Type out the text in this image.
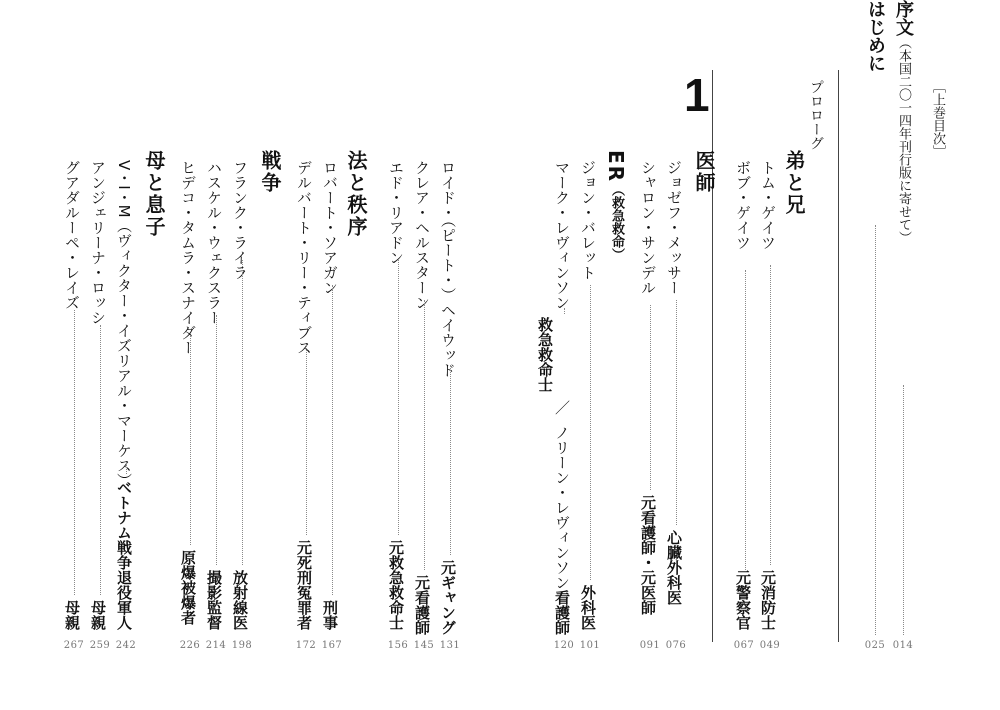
［上巻目次］
序文（本国二〇一四年刊行版に寄せて）
014
はじめに
025
プロローグ
弟と兄
トム・ゲイツ
元消防士
049
ボブ・ゲイツ
元警察官
067
1
医師
ジョゼフ・メッサー
心臓外科医
076
シャロン・サンデル
元看護師・元医師
091
ER（救急救命）
ジョン・バレット
外科医
101
マーク・レヴィンソン
救急救命士
／
ノリーン・レヴィンソン
看護師
120
法と秩序	ロイド・（ピート・）ヘイウッド
元ギャング
131
クレア・ヘルスターン
元看護師
145
エド・リアドン
元救急救命士
156
ロバート・ソアガン
刑事
167
デルバート・リー・ティブス
元死刑冤罪者
172
戦争
フランク・ライラ
放射線医
198
ハスケル・ウェクスラー
撮影監督
214
ヒデコ・タムラ・スナイダー
原爆被爆者
226
母と息子
V・I・M（ヴィクター・イズリアル・マーケス）
ベトナム戦争退役軍人
242
アンジェリーナ・ロッシ
母親
259
グアダルーペ・レイズ
母親
267
